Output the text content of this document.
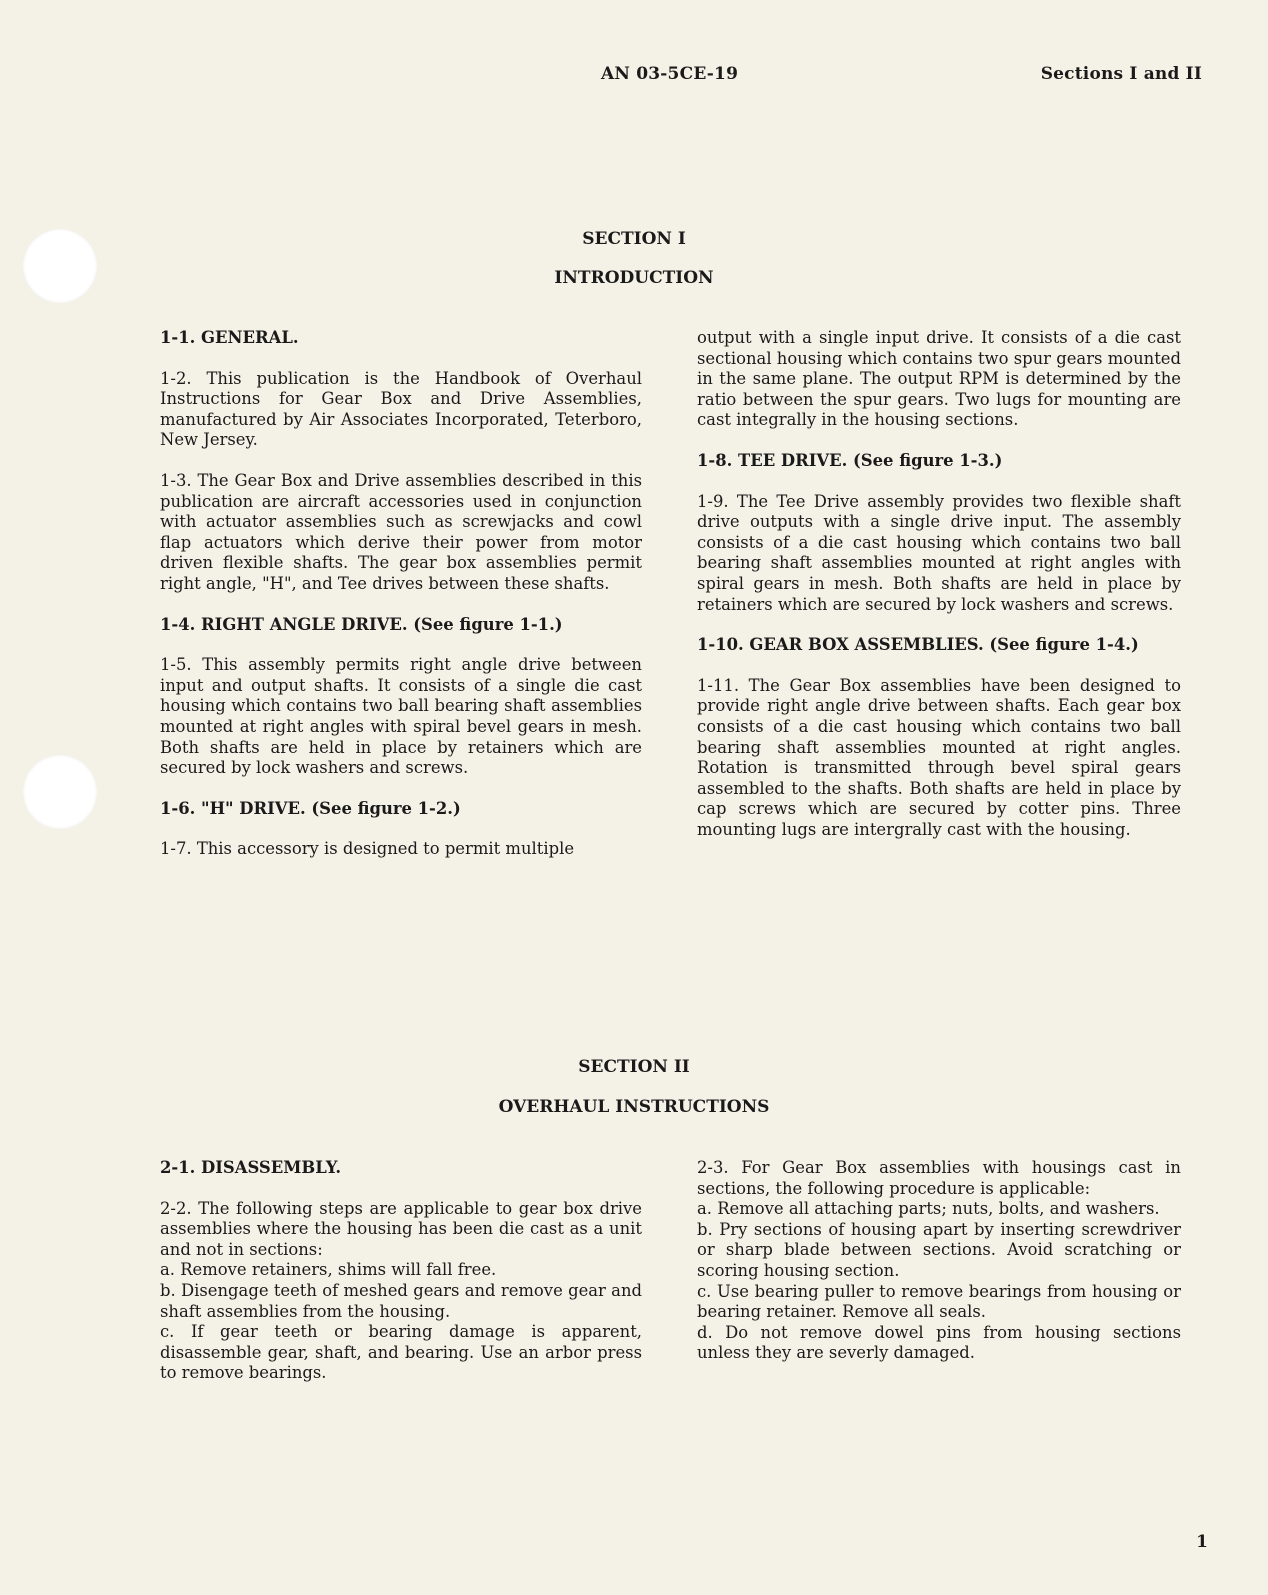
AN 03-5CE-19	Sections I and II
SECTION I
INTRODUCTION

1-1. GENERAL.

1-2. This publication is the Handbook of Overhaul Instructions for Gear Box and Drive Assemblies, manufactured by Air Associates Incorporated, Teterboro, New Jersey.

1-3. The Gear Box and Drive assemblies described in this publication are aircraft accessories used in conjunction with actuator assemblies such as screwjacks and cowl flap actuators which derive their power from motor driven flexible shafts. The gear box assemblies permit right angle, "H", and Tee drives between these shafts.

1-4. RIGHT ANGLE DRIVE. (See figure 1-1.)

1-5. This assembly permits right angle drive between input and output shafts. It consists of a single die cast housing which contains two ball bearing shaft assemblies mounted at right angles with spiral bevel gears in mesh. Both shafts are held in place by retainers which are secured by lock washers and screws.

1-6. "H" DRIVE. (See figure 1-2.)

1-7. This accessory is designed to permit multiple

output with a single input drive. It consists of a die cast sectional housing which contains two spur gears mounted in the same plane. The output RPM is determined by the ratio between the spur gears. Two lugs for mounting are cast integrally in the housing sections.

1-8. TEE DRIVE. (See figure 1-3.)

1-9. The Tee Drive assembly provides two flexible shaft drive outputs with a single drive input. The assembly consists of a die cast housing which contains two ball bearing shaft assemblies mounted at right angles with spiral gears in mesh. Both shafts are held in place by retainers which are secured by lock washers and screws.

1-10. GEAR BOX ASSEMBLIES. (See figure 1-4.)

1-11. The Gear Box assemblies have been designed to provide right angle drive between shafts. Each gear box consists of a die cast housing which contains two ball bearing shaft assemblies mounted at right angles. Rotation is transmitted through bevel spiral gears assembled to the shafts. Both shafts are held in place by cap screws which are secured by cotter pins. Three mounting lugs are intergrally cast with the housing.

SECTION II
OVERHAUL INSTRUCTIONS

2-1. DISASSEMBLY.

2-2. The following steps are applicable to gear box drive assemblies where the housing has been die cast as a unit and not in sections:

a. Remove retainers, shims will fall free.

b. Disengage teeth of meshed gears and remove gear and shaft assemblies from the housing.

c. If gear teeth or bearing damage is apparent, disassemble gear, shaft, and bearing. Use an arbor press to remove bearings.

2-3. For Gear Box assemblies with housings cast in sections, the following procedure is applicable:

a. Remove all attaching parts; nuts, bolts, and washers.

b. Pry sections of housing apart by inserting screwdriver or sharp blade between sections. Avoid scratching or scoring housing section.

c. Use bearing puller to remove bearings from housing or bearing retainer. Remove all seals.

d. Do not remove dowel pins from housing sections unless they are severly damaged.

1
